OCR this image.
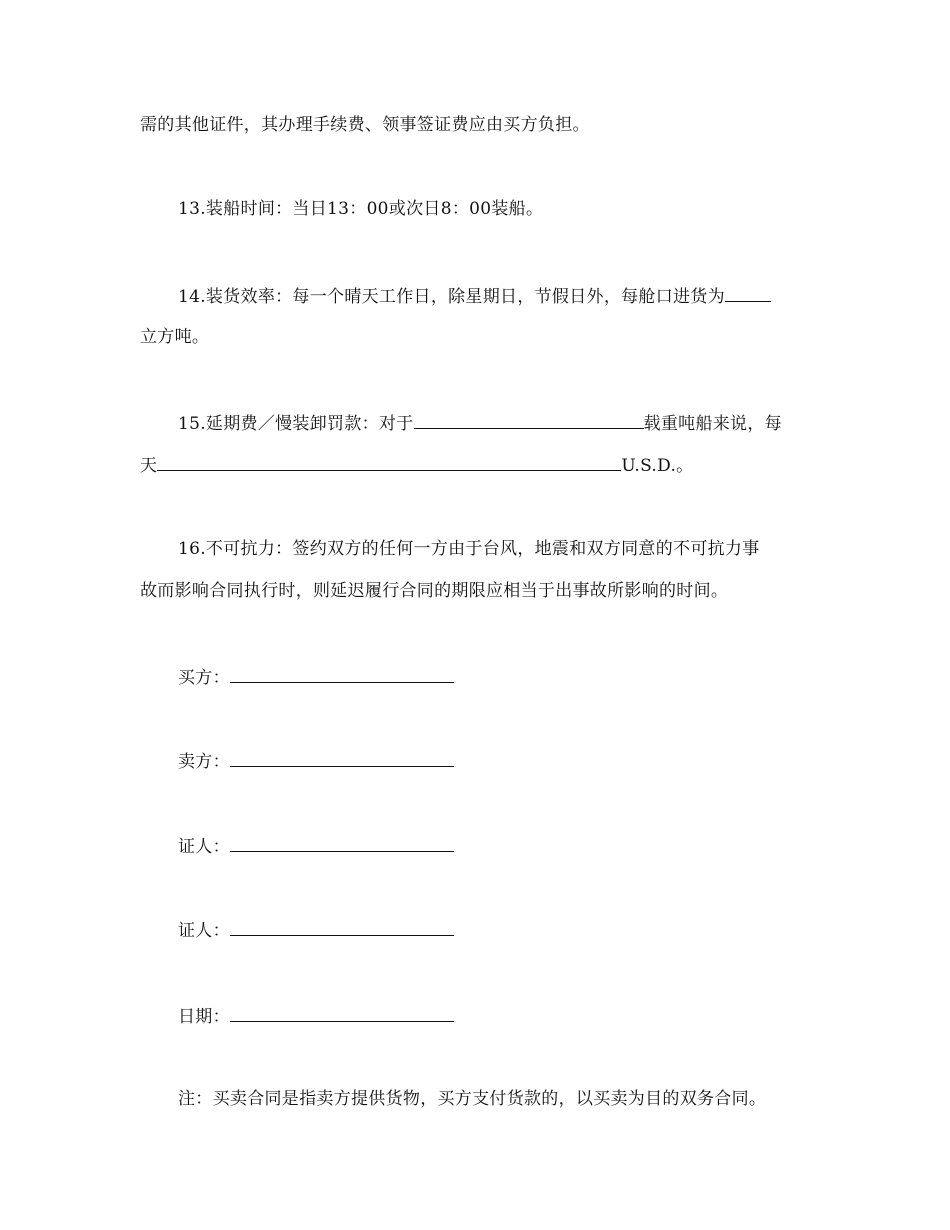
需的其他证件，其办理手续费、领事签证费应由买方负担。
13.装船时间：当日13：00或次日8：00装船。
14.装货效率：每一个晴天工作日，除星期日，节假日外，每舱口进货为
立方吨。
15.延期费／慢装卸罚款：对于	载重吨船来说，每
天	U.S.D.。
16.不可抗力：签约双方的任何一方由于台风，地震和双方同意的不可抗力事
故而影响合同执行时，则延迟履行合同的期限应相当于出事故所影响的时间。
买方：
卖方：
证人：
证人：
日期：
注：买卖合同是指卖方提供货物，买方支付货款的，以买卖为目的双务合同。
